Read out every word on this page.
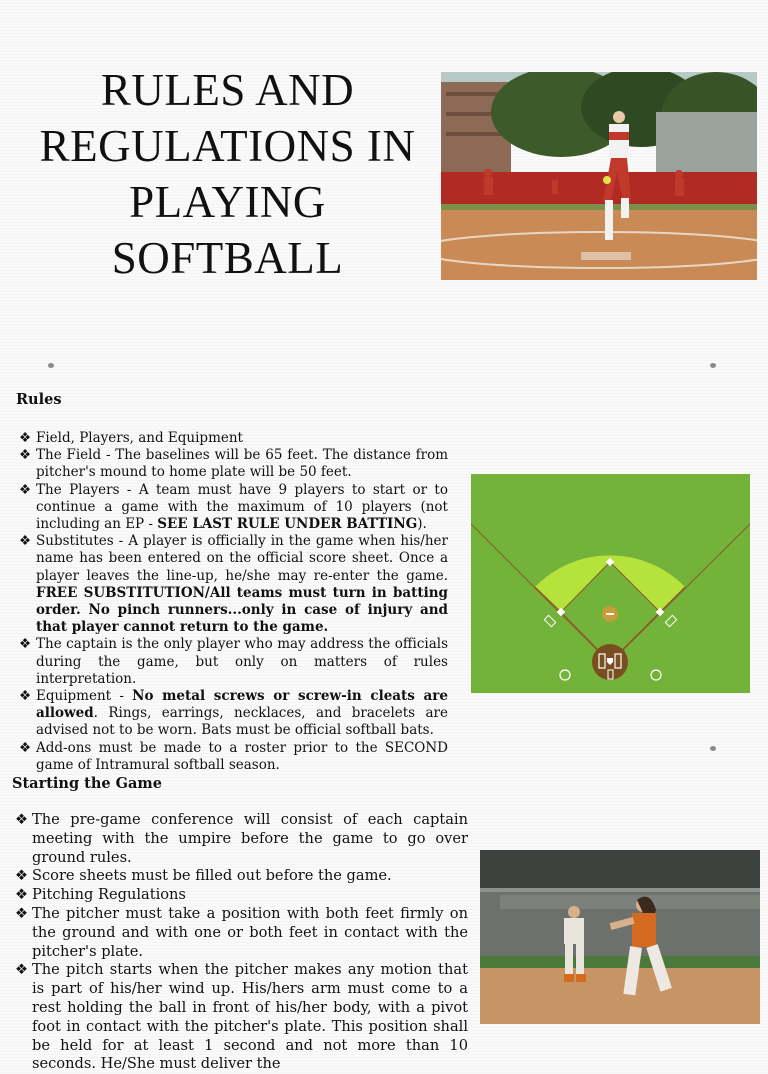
RULES AND
REGULATIONS IN
PLAYING
SOFTBALL
Rules
❖ Field, Players, and Equipment
❖ The Field - The baselines will be 65 feet. The distance from pitcher's mound to home plate will be 50 feet.
❖ The Players - A team must have 9 players to start or to continue a game with the maximum of 10 players (not including an EP - SEE LAST RULE UNDER BATTING).
❖ Substitutes - A player is officially in the game when his/her name has been entered on the official score sheet. Once a player leaves the line-up, he/she may re-enter the game. FREE SUBSTITUTION/All teams must turn in batting order. No pinch runners...only in case of injury and that player cannot return to the game.
❖ The captain is the only player who may address the officials during the game, but only on matters of rules interpretation.
❖ Equipment - No metal screws or screw-in cleats are allowed. Rings, earrings, necklaces, and bracelets are advised not to be worn. Bats must be official softball bats.
❖ Add-ons must be made to a roster prior to the SECOND game of Intramural softball season.
Starting the Game
❖ The pre-game conference will consist of each captain meeting with the umpire before the game to go over ground rules.
❖ Score sheets must be filled out before the game.
❖ Pitching Regulations
❖ The pitcher must take a position with both feet firmly on the ground and with one or both feet in contact with the pitcher's plate.
❖ The pitch starts when the pitcher makes any motion that is part of his/her wind up. His/hers arm must come to a rest holding the ball in front of his/her body, with a pivot foot in contact with the pitcher's plate. This position shall be held for at least 1 second and not more than 10 seconds. He/She must deliver the
